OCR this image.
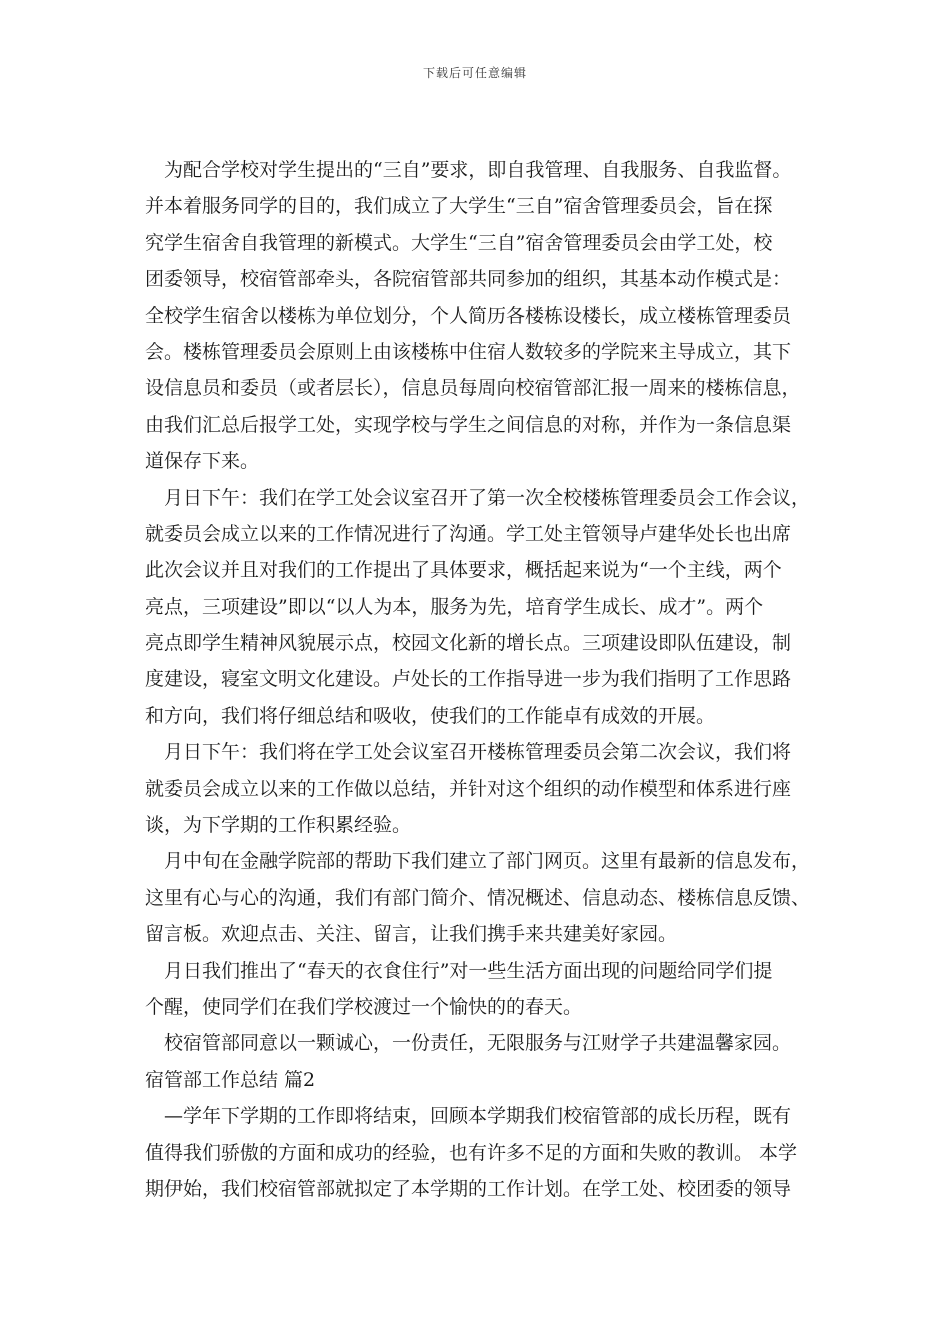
下载后可任意编辑
为配合学校对学生提出的“三自”要求，即自我管理、自我服务、自我监督。
并本着服务同学的目的，我们成立了大学生“三自”宿舍管理委员会，旨在探
究学生宿舍自我管理的新模式。大学生“三自”宿舍管理委员会由学工处，校
团委领导，校宿管部牵头，各院宿管部共同参加的组织，其基本动作模式是：
全校学生宿舍以楼栋为单位划分，个人简历各楼栋设楼长，成立楼栋管理委员
会。楼栋管理委员会原则上由该楼栋中住宿人数较多的学院来主导成立，其下
设信息员和委员（或者层长），信息员每周向校宿管部汇报一周来的楼栋信息，
由我们汇总后报学工处，实现学校与学生之间信息的对称，并作为一条信息渠
道保存下来。
月日下午：我们在学工处会议室召开了第一次全校楼栋管理委员会工作会议，
就委员会成立以来的工作情况进行了沟通。学工处主管领导卢建华处长也出席
此次会议并且对我们的工作提出了具体要求，概括起来说为“一个主线，两个
亮点，三项建设”即以“以人为本，服务为先，培育学生成长、成才”。两个
亮点即学生精神风貌展示点，校园文化新的增长点。三项建设即队伍建设，制
度建设，寝室文明文化建设。卢处长的工作指导进一步为我们指明了工作思路
和方向，我们将仔细总结和吸收，使我们的工作能卓有成效的开展。
月日下午：我们将在学工处会议室召开楼栋管理委员会第二次会议，我们将
就委员会成立以来的工作做以总结，并针对这个组织的动作模型和体系进行座
谈，为下学期的工作积累经验。
月中旬在金融学院部的帮助下我们建立了部门网页。这里有最新的信息发布，
这里有心与心的沟通，我们有部门简介、情况概述、信息动态、楼栋信息反馈、
留言板。欢迎点击、关注、留言，让我们携手来共建美好家园。
月日我们推出了“春天的衣食住行”对一些生活方面出现的问题给同学们提
个醒，使同学们在我们学校渡过一个愉快的的春天。
校宿管部同意以一颗诚心，一份责任，无限服务与江财学子共建温馨家园。
宿管部工作总结 篇2
—学年下学期的工作即将结束，回顾本学期我们校宿管部的成长历程，既有
值得我们骄傲的方面和成功的经验，也有许多不足的方面和失败的教训。 本学
期伊始，我们校宿管部就拟定了本学期的工作计划。在学工处、校团委的领导
